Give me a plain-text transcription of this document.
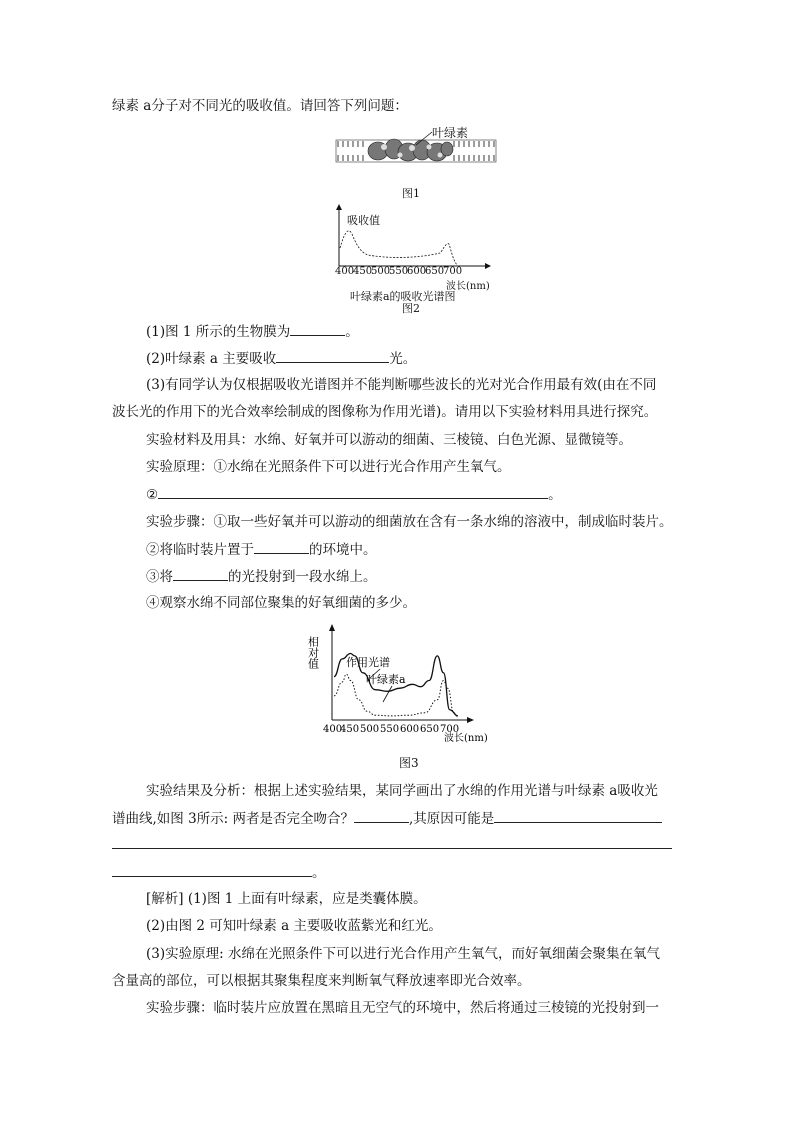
绿素 a分子对不同光的吸收值。请回答下列问题：
叶绿素
图1
吸收值
400
450
500
550
600
650
700
波长(nm)
叶绿素a的吸收光谱图
图2
(1)图 1 所示的生物膜为	。
(2)叶绿素 a 主要吸收	光。
(3)有同学认为仅根据吸收光谱图并不能判断哪些波长的光对光合作用最有效(由在不同
波长光的作用下的光合效率绘制成的图像称为作用光谱)。请用以下实验材料用具进行探究。
实验材料及用具：水绵、好氧并可以游动的细菌、三棱镜、白色光源、显微镜等。
实验原理：①水绵在光照条件下可以进行光合作用产生氧气。
②	。
实验步骤：①取一些好氧并可以游动的细菌放在含有一条水绵的溶液中，制成临时装片。
②将临时装片置于	的环境中。
③将	的光投射到一段水绵上。
④观察水绵不同部位聚集的好氧细菌的多少。
相对值 作用光谱
叶绿素a
400
450 500 550 600 650 700
波长(nm)
图3
实验结果及分析：根据上述实验结果，某同学画出了水绵的作用光谱与叶绿素 a吸收光
谱曲线,如图 3所示: 两者是否完全吻合？	,其原因可能是
。
[解析] (1)图 1 上面有叶绿素，应是类囊体膜。
(2)由图 2 可知叶绿素 a 主要吸收蓝紫光和红光。
(3)实验原理: 水绵在光照条件下可以进行光合作用产生氧气，而好氧细菌会聚集在氧气
含量高的部位，可以根据其聚集程度来判断氧气释放速率即光合效率。
实验步骤：临时装片应放置在黑暗且无空气的环境中，然后将通过三棱镜的光投射到一
